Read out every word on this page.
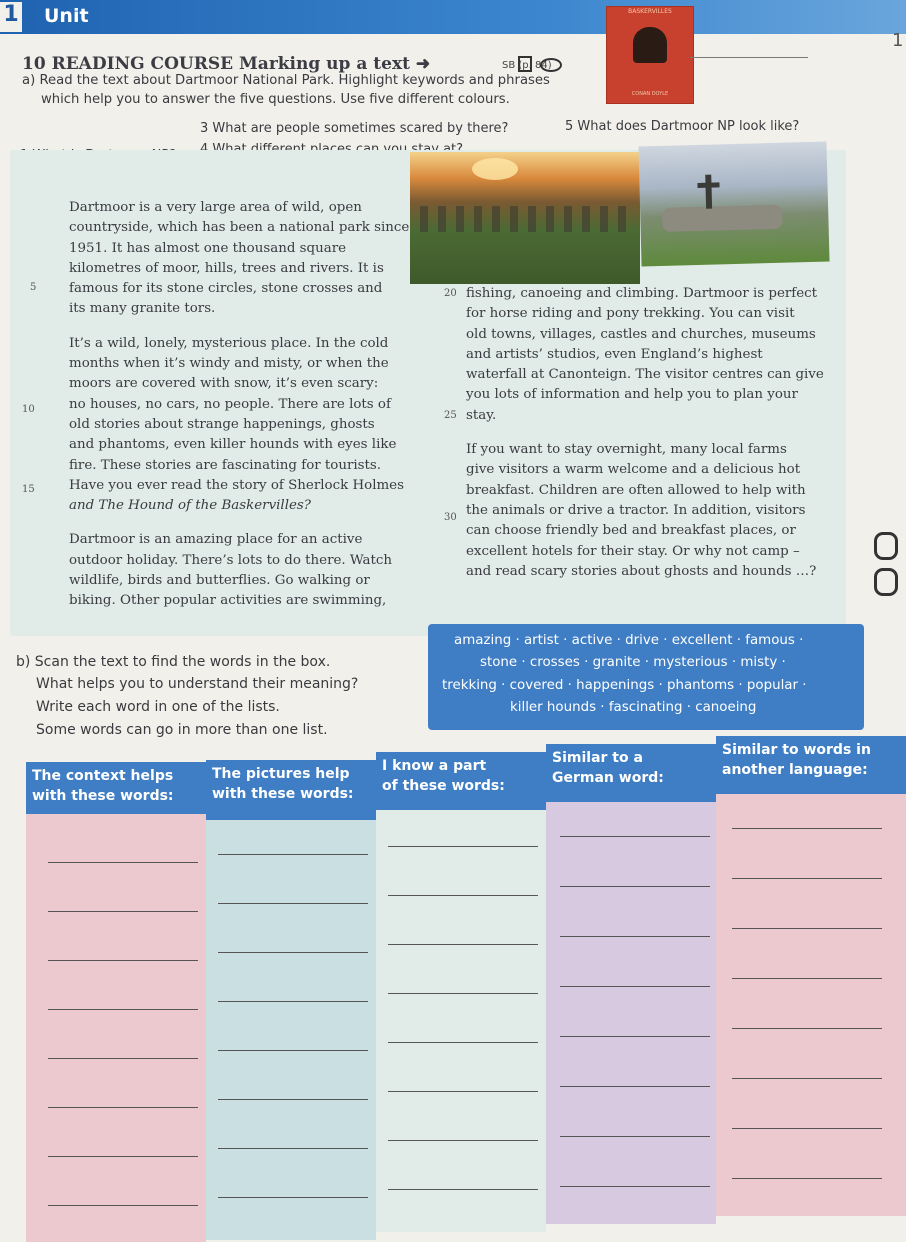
1 Unit
1
BASKERVILLES
CONAN DOYLE
10 READING COURSE Marking up a text ➜	SB (p. 84)
a) Read the text about Dartmoor National Park. Highlight keywords and phrases
which help you to answer the five questions. Use five different colours.
3 What are people sometimes scared by there?	5 What does Dartmoor NP look like?
Dartmoor is a very large area of wild, open
countryside, which has been a national park since
1951. It has almost one thousand square
kilometres of moor, hills, trees and rivers. It is
famous for its stone circles, stone crosses and
its many granite tors.
It’s a wild, lonely, mysterious place. In the cold
months when it’s windy and misty, or when the
moors are covered with snow, it’s even scary:
no houses, no cars, no people. There are lots of
old stories about strange happenings, ghosts
and phantoms, even killer hounds with eyes like
fire. These stories are fascinating for tourists.
Have you ever read the story of Sherlock Holmes
and The Hound of the Baskervilles?
Dartmoor is an amazing place for an active
outdoor holiday. There’s lots to do there. Watch
wildlife, birds and butterflies. Go walking or
biking. Other popular activities are swimming,
fishing, canoeing and climbing. Dartmoor is perfect
for horse riding and pony trekking. You can visit
old towns, villages, castles and churches, museums
and artists’ studios, even England’s highest
waterfall at Canonteign. The visitor centres can give
you lots of information and help you to plan your
stay.
If you want to stay overnight, many local farms
give visitors a warm welcome and a delicious hot
breakfast. Children are often allowed to help with
the animals or drive a tractor. In addition, visitors
can choose friendly bed and breakfast places, or
excellent hotels for their stay. Or why not camp –
and read scary stories about ghosts and hounds …?
5
10
15
20
25
30
amazing · artist · active · drive · excellent · famous ·
stone · crosses · granite · mysterious · misty ·
trekking · covered · happenings · phantoms · popular ·
killer hounds · fascinating · canoeing
b) Scan the text to find the words in the box.
What helps you to understand their meaning?
Write each word in one of the lists.
Some words can go in more than one list.
The context helps
with these words:
The pictures help
with these words:
I know a part
of these words:
Similar to a
German word:
Similar to words in
another language:
